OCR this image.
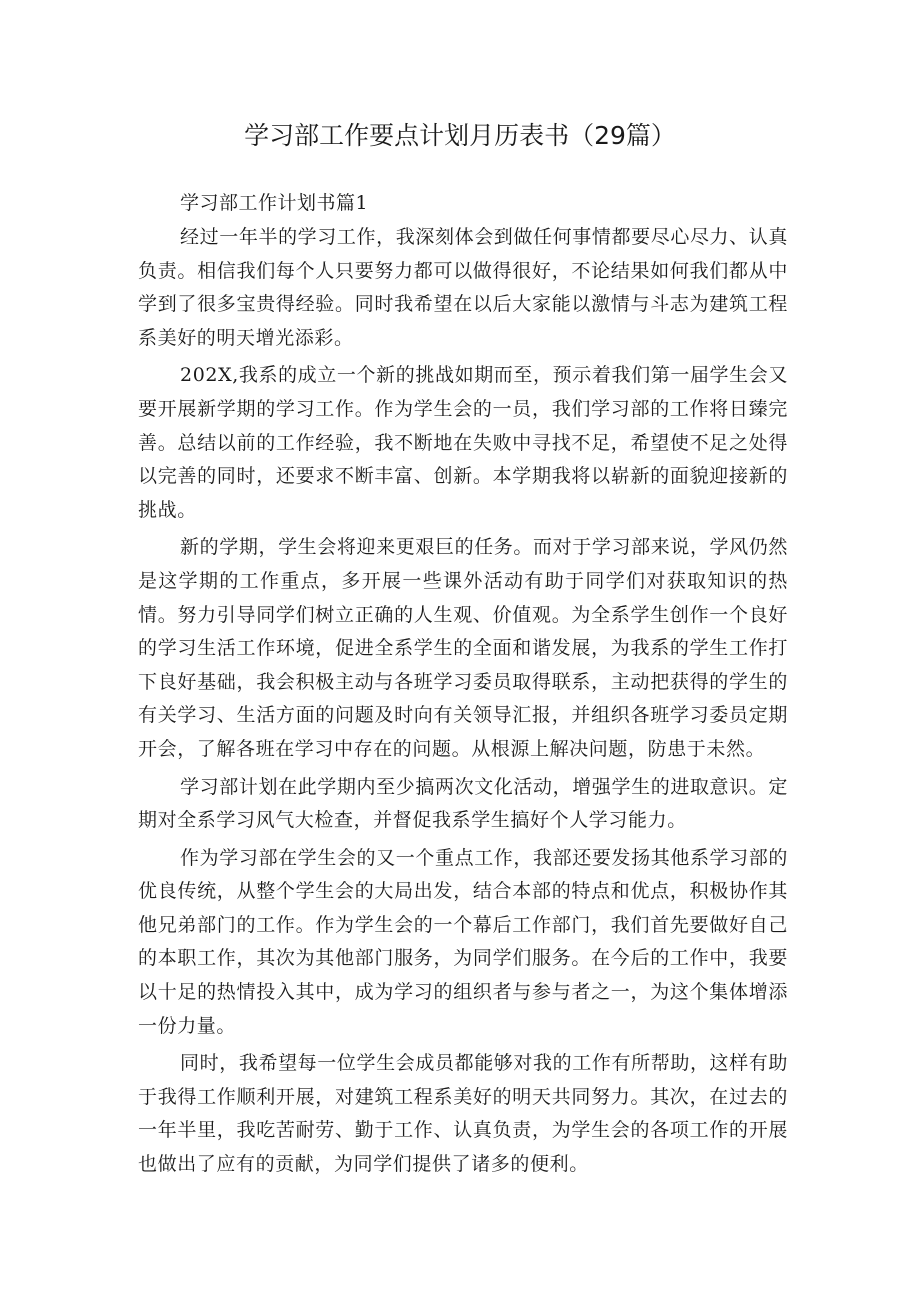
学习部工作要点计划月历表书（29篇）

学习部工作计划书篇1

经过一年半的学习工作，我深刻体会到做任何事情都要尽心尽力、认真负责。相信我们每个人只要努力都可以做得很好，不论结果如何我们都从中学到了很多宝贵得经验。同时我希望在以后大家能以激情与斗志为建筑工程系美好的明天增光添彩。

202X,我系的成立一个新的挑战如期而至，预示着我们第一届学生会又要开展新学期的学习工作。作为学生会的一员，我们学习部的工作将日臻完善。总结以前的工作经验，我不断地在失败中寻找不足，希望使不足之处得以完善的同时，还要求不断丰富、创新。本学期我将以崭新的面貌迎接新的挑战。

新的学期，学生会将迎来更艰巨的任务。而对于学习部来说，学风仍然是这学期的工作重点，多开展一些课外活动有助于同学们对获取知识的热情。努力引导同学们树立正确的人生观、价值观。为全系学生创作一个良好的学习生活工作环境，促进全系学生的全面和谐发展，为我系的学生工作打下良好基础，我会积极主动与各班学习委员取得联系，主动把获得的学生的有关学习、生活方面的问题及时向有关领导汇报，并组织各班学习委员定期开会，了解各班在学习中存在的问题。从根源上解决问题，防患于未然。

学习部计划在此学期内至少搞两次文化活动，增强学生的进取意识。定期对全系学习风气大检查，并督促我系学生搞好个人学习能力。

作为学习部在学生会的又一个重点工作，我部还要发扬其他系学习部的优良传统，从整个学生会的大局出发，结合本部的特点和优点，积极协作其他兄弟部门的工作。作为学生会的一个幕后工作部门，我们首先要做好自己的本职工作，其次为其他部门服务，为同学们服务。在今后的工作中，我要以十足的热情投入其中，成为学习的组织者与参与者之一，为这个集体增添一份力量。

同时，我希望每一位学生会成员都能够对我的工作有所帮助，这样有助于我得工作顺利开展，对建筑工程系美好的明天共同努力。其次，在过去的一年半里，我吃苦耐劳、勤于工作、认真负责，为学生会的各项工作的开展也做出了应有的贡献，为同学们提供了诸多的便利。
